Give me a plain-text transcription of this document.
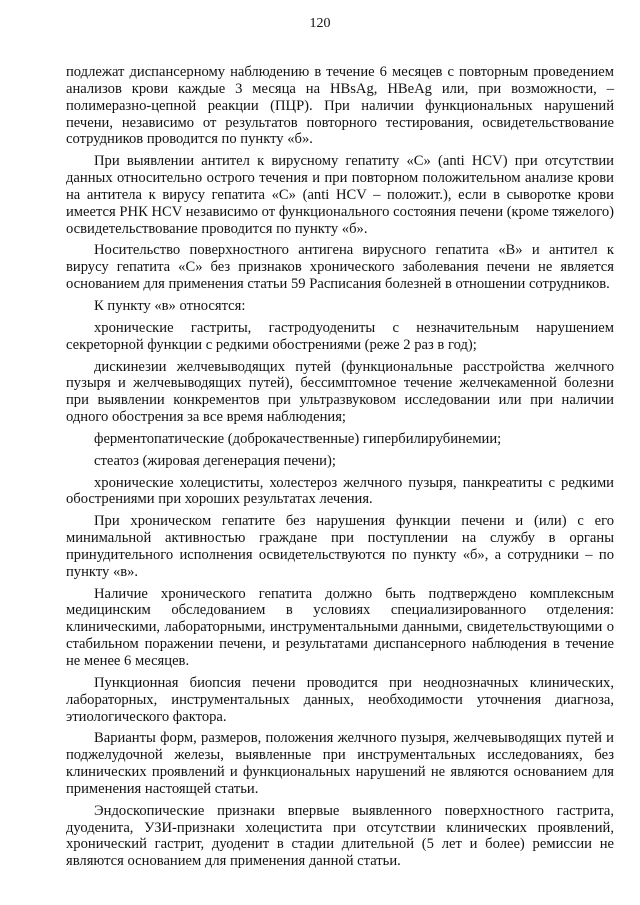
120

подлежат диспансерному наблюдению в течение 6 месяцев с повторным проведением анализов крови каждые 3 месяца на HBsAg, HBeAg или, при возможности, – полимеразно-цепной реакции (ПЦР). При наличии функциональных нарушений печени, независимо от результатов повторного тестирования, освидетельствование сотрудников проводится по пункту «б».

При выявлении антител к вирусному гепатиту «С» (anti HCV) при отсутствии данных относительно острого течения и при повторном положительном анализе крови на антитела к вирусу гепатита «С» (anti HCV – положит.), если в сыворотке крови имеется РНК HCV независимо от функционального состояния печени (кроме тяжелого) освидетельствование проводится по пункту «б».

Носительство поверхностного антигена вирусного гепатита «В» и антител к вирусу гепатита «С» без признаков хронического заболевания печени не является основанием для применения статьи 59 Расписания болезней в отношении сотрудников.

К пункту «в» относятся:

хронические гастриты, гастродуодениты с незначительным нарушением секреторной функции с редкими обострениями (реже 2 раз в год);

дискинезии желчевыводящих путей (функциональные расстройства желчного пузыря и желчевыводящих путей), бессимптомное течение желчекаменной болезни при выявлении конкрементов при ультразвуковом исследовании или при наличии одного обострения за все время наблюдения;

ферментопатические (доброкачественные) гипербилирубинемии;

стеатоз (жировая дегенерация печени);

хронические холециститы, холестероз желчного пузыря, панкреатиты с редкими обострениями при хороших результатах лечения.

При хроническом гепатите без нарушения функции печени и (или) с его минимальной активностью граждане при поступлении на службу в органы принудительного исполнения освидетельствуются по пункту «б», а сотрудники – по пункту «в».

Наличие хронического гепатита должно быть подтверждено комплексным медицинским обследованием в условиях специализированного отделения: клиническими, лабораторными, инструментальными данными, свидетельствующими о стабильном поражении печени, и результатами диспансерного наблюдения в течение не менее 6 месяцев.

Пункционная биопсия печени проводится при неоднозначных клинических, лабораторных, инструментальных данных, необходимости уточнения диагноза, этиологического фактора.

Варианты форм, размеров, положения желчного пузыря, желчевыводящих путей и поджелудочной железы, выявленные при инструментальных исследованиях, без клинических проявлений и функциональных нарушений не являются основанием для применения настоящей статьи.

Эндоскопические признаки впервые выявленного поверхностного гастрита, дуоденита, УЗИ-признаки холецистита при отсутствии клинических проявлений, хронический гастрит, дуоденит в стадии длительной (5 лет и более) ремиссии не являются основанием для применения данной статьи.
